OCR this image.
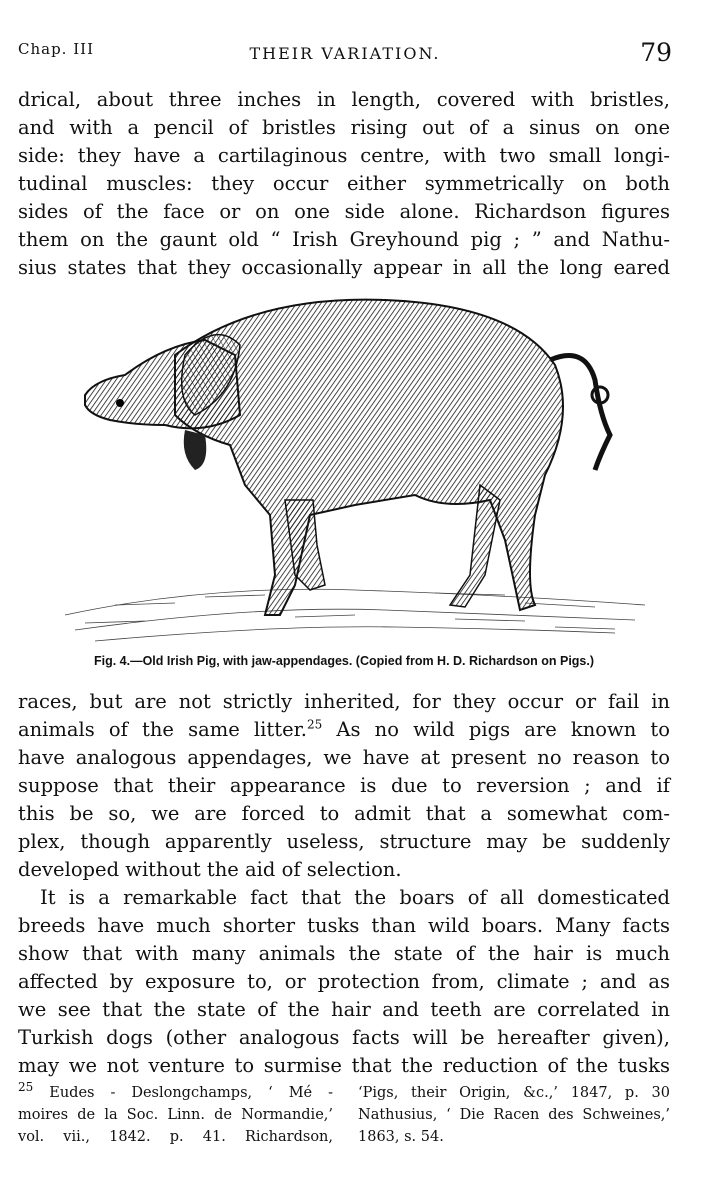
Chap. III	THEIR VARIATION.	79
drical, about three inches in length, covered with bristles,
and with a pencil of bristles rising out of a sinus on one
side: they have a cartilaginous centre, with two small longi-
tudinal muscles: they occur either symmetrically on both
sides of the face or on one side alone. Richardson figures
them on the gaunt old “ Irish Greyhound pig ; ” and Nathu-
sius states that they occasionally appear in all the long eared
Fig. 4.—Old Irish Pig, with jaw-appendages. (Copied from H. D. Richardson on Pigs.)
races, but are not strictly inherited, for they occur or fail in
animals of the same litter.$^{25}$ As no wild pigs are known to
have analogous appendages, we have at present no reason to
suppose that their appearance is due to reversion ; and if
this be so, we are forced to admit that a somewhat com-
plex, though apparently useless, structure may be suddenly
developed without the aid of selection.
It is a remarkable fact that the boars of all domesticated
breeds have much shorter tusks than wild boars. Many facts
show that with many animals the state of the hair is much
affected by exposure to, or protection from, climate ; and as
we see that the state of the hair and teeth are correlated in
Turkish dogs (other analogous facts will be hereafter given),
may we not venture to surmise that the reduction of the tusks
$^{25}$ Eudes - Deslongchamps, ‘ Mé -
moires de la Soc. Linn. de Normandie,’
vol. vii., 1842. p. 41. Richardson,
‘Pigs, their Origin, &c.,’ 1847, p. 30
Nathusius, ‘ Die Racen des Schweines,’
1863, s. 54.
